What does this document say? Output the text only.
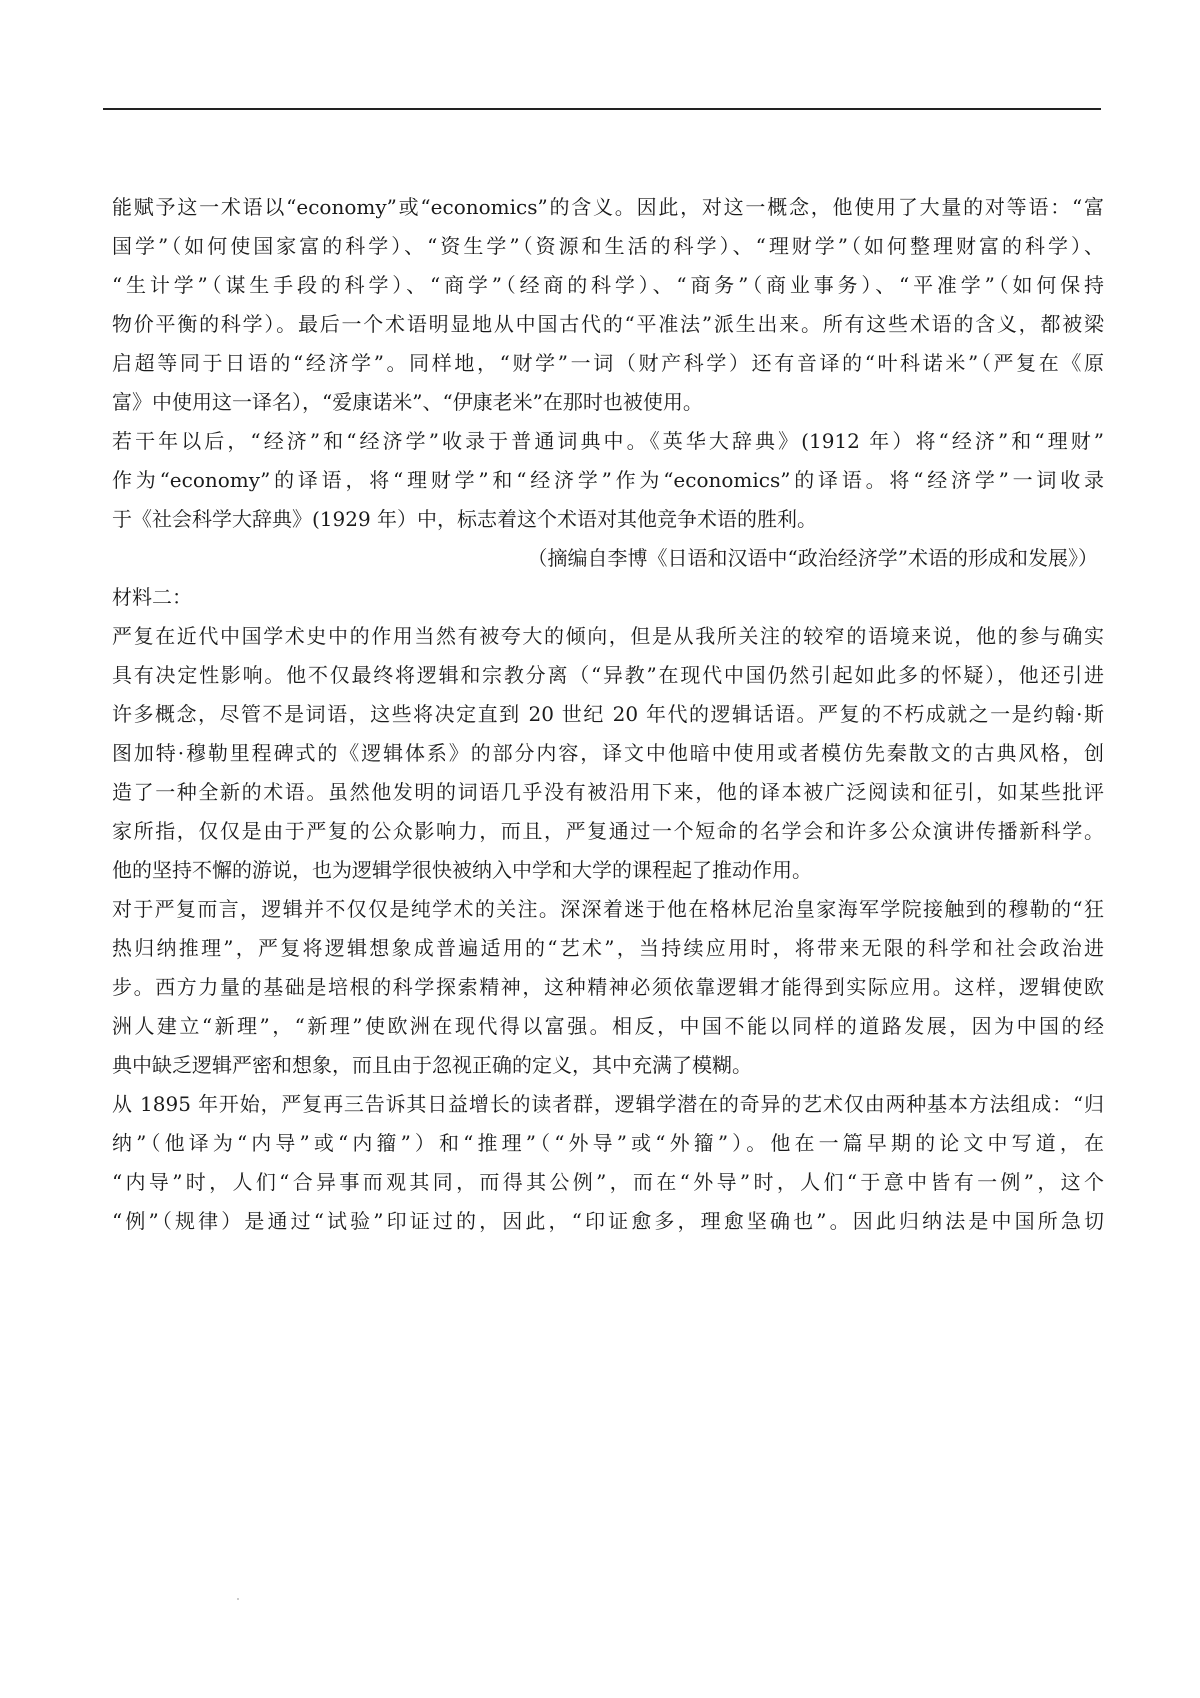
能赋予这一术语以“economy”或“economics”的含义。因此，对这一概念，他使用了大量的对等语：“富
国学”（如何使国家富的科学）、“资生学”（资源和生活的科学）、“理财学”（如何整理财富的科学）、
“生计学”（谋生手段的科学）、“商学”（经商的科学）、“商务”（商业事务）、“平准学”（如何保持
物价平衡的科学）。最后一个术语明显地从中国古代的“平准法”派生出来。所有这些术语的含义，都被梁
启超等同于日语的“经济学”。同样地，“财学”一词（财产科学）还有音译的“叶科诺米”（严复在《原
富》中使用这一译名），“爱康诺米”、“伊康老米”在那时也被使用。
若干年以后，“经济”和“经济学”收录于普通词典中。《英华大辞典》(1912 年）将“经济”和“理财”
作为“economy”的译语，将“理财学”和“经济学”作为“economics”的译语。将“经济学”一词收录
于《社会科学大辞典》(1929 年）中，标志着这个术语对其他竞争术语的胜利。
（摘编自李博《日语和汉语中“政治经济学”术语的形成和发展》）
材料二：
严复在近代中国学术史中的作用当然有被夸大的倾向，但是从我所关注的较窄的语境来说，他的参与确实
具有决定性影响。他不仅最终将逻辑和宗教分离（“异教”在现代中国仍然引起如此多的怀疑），他还引进
许多概念，尽管不是词语，这些将决定直到 20 世纪 20 年代的逻辑话语。严复的不朽成就之一是约翰·斯
图加特·穆勒里程碑式的《逻辑体系》的部分内容，译文中他暗中使用或者模仿先秦散文的古典风格，创
造了一种全新的术语。虽然他发明的词语几乎没有被沿用下来，他的译本被广泛阅读和征引，如某些批评
家所指，仅仅是由于严复的公众影响力，而且，严复通过一个短命的名学会和许多公众演讲传播新科学。
他的坚持不懈的游说，也为逻辑学很快被纳入中学和大学的课程起了推动作用。
对于严复而言，逻辑并不仅仅是纯学术的关注。深深着迷于他在格林尼治皇家海军学院接触到的穆勒的“狂
热归纳推理”，严复将逻辑想象成普遍适用的“艺术”，当持续应用时，将带来无限的科学和社会政治进
步。西方力量的基础是培根的科学探索精神，这种精神必须依靠逻辑才能得到实际应用。这样，逻辑使欧
洲人建立“新理”，“新理”使欧洲在现代得以富强。相反，中国不能以同样的道路发展，因为中国的经
典中缺乏逻辑严密和想象，而且由于忽视正确的定义，其中充满了模糊。
从 1895 年开始，严复再三告诉其日益增长的读者群，逻辑学潜在的奇异的艺术仅由两种基本方法组成：“归
纳”（他译为“内导”或“内籀”）和“推理”（“外导”或“外籀”）。他在一篇早期的论文中写道，在
“内导”时，人们“合异事而观其同，而得其公例”，而在“外导”时，人们“于意中皆有一例”，这个
“例”（规律）是通过“试验”印证过的，因此，“印证愈多，理愈坚确也”。因此归纳法是中国所急切
